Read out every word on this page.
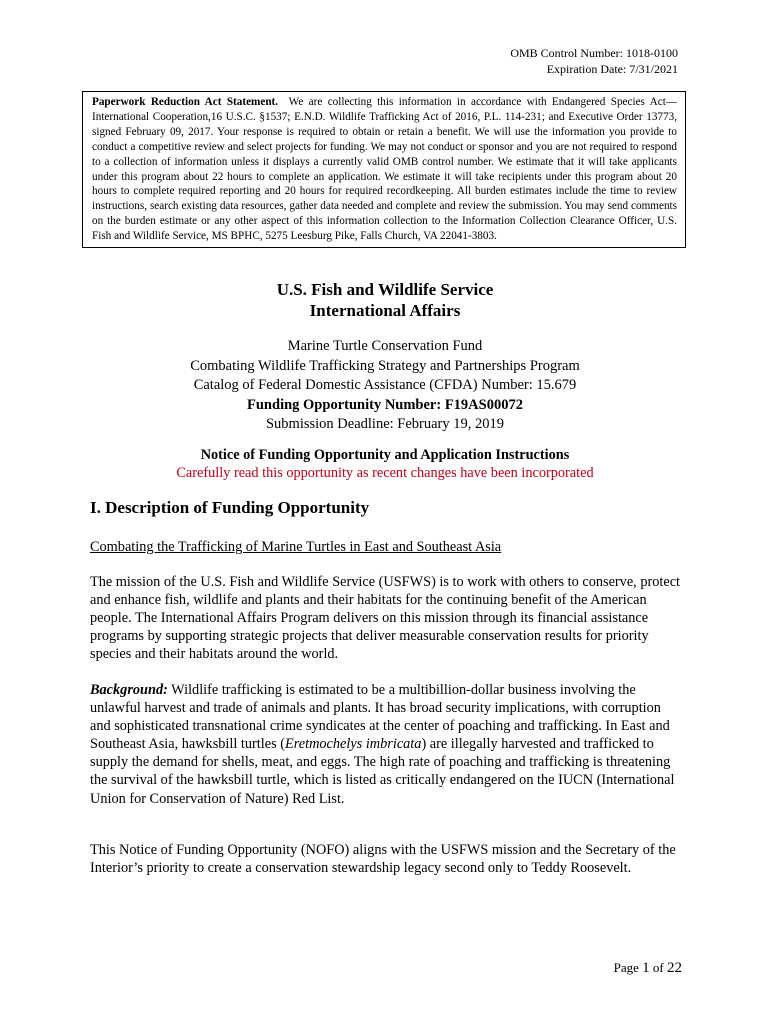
OMB Control Number: 1018-0100
Expiration Date: 7/31/2021
Paperwork Reduction Act Statement. We are collecting this information in accordance with Endangered Species Act—International Cooperation,16 U.S.C. §1537; E.N.D. Wildlife Trafficking Act of 2016, P.L. 114-231; and Executive Order 13773, signed February 09, 2017. Your response is required to obtain or retain a benefit. We will use the information you provide to conduct a competitive review and select projects for funding. We may not conduct or sponsor and you are not required to respond to a collection of information unless it displays a currently valid OMB control number. We estimate that it will take applicants under this program about 22 hours to complete an application. We estimate it will take recipients under this program about 20 hours to complete required reporting and 20 hours for required recordkeeping. All burden estimates include the time to review instructions, search existing data resources, gather data needed and complete and review the submission. You may send comments on the burden estimate or any other aspect of this information collection to the Information Collection Clearance Officer, U.S. Fish and Wildlife Service, MS BPHC, 5275 Leesburg Pike, Falls Church, VA 22041-3803.
U.S. Fish and Wildlife Service
International Affairs
Marine Turtle Conservation Fund
Combating Wildlife Trafficking Strategy and Partnerships Program
Catalog of Federal Domestic Assistance (CFDA) Number: 15.679
Funding Opportunity Number: F19AS00072
Submission Deadline: February 19, 2019
Notice of Funding Opportunity and Application Instructions
Carefully read this opportunity as recent changes have been incorporated
I. Description of Funding Opportunity
Combating the Trafficking of Marine Turtles in East and Southeast Asia
The mission of the U.S. Fish and Wildlife Service (USFWS) is to work with others to conserve, protect and enhance fish, wildlife and plants and their habitats for the continuing benefit of the American people. The International Affairs Program delivers on this mission through its financial assistance programs by supporting strategic projects that deliver measurable conservation results for priority species and their habitats around the world.
Background: Wildlife trafficking is estimated to be a multibillion-dollar business involving the unlawful harvest and trade of animals and plants. It has broad security implications, with corruption and sophisticated transnational crime syndicates at the center of poaching and trafficking. In East and Southeast Asia, hawksbill turtles (Eretmochelys imbricata) are illegally harvested and trafficked to supply the demand for shells, meat, and eggs. The high rate of poaching and trafficking is threatening the survival of the hawksbill turtle, which is listed as critically endangered on the IUCN (International Union for Conservation of Nature) Red List.
This Notice of Funding Opportunity (NOFO) aligns with the USFWS mission and the Secretary of the Interior’s priority to create a conservation stewardship legacy second only to Teddy Roosevelt.
Page 1 of 22
